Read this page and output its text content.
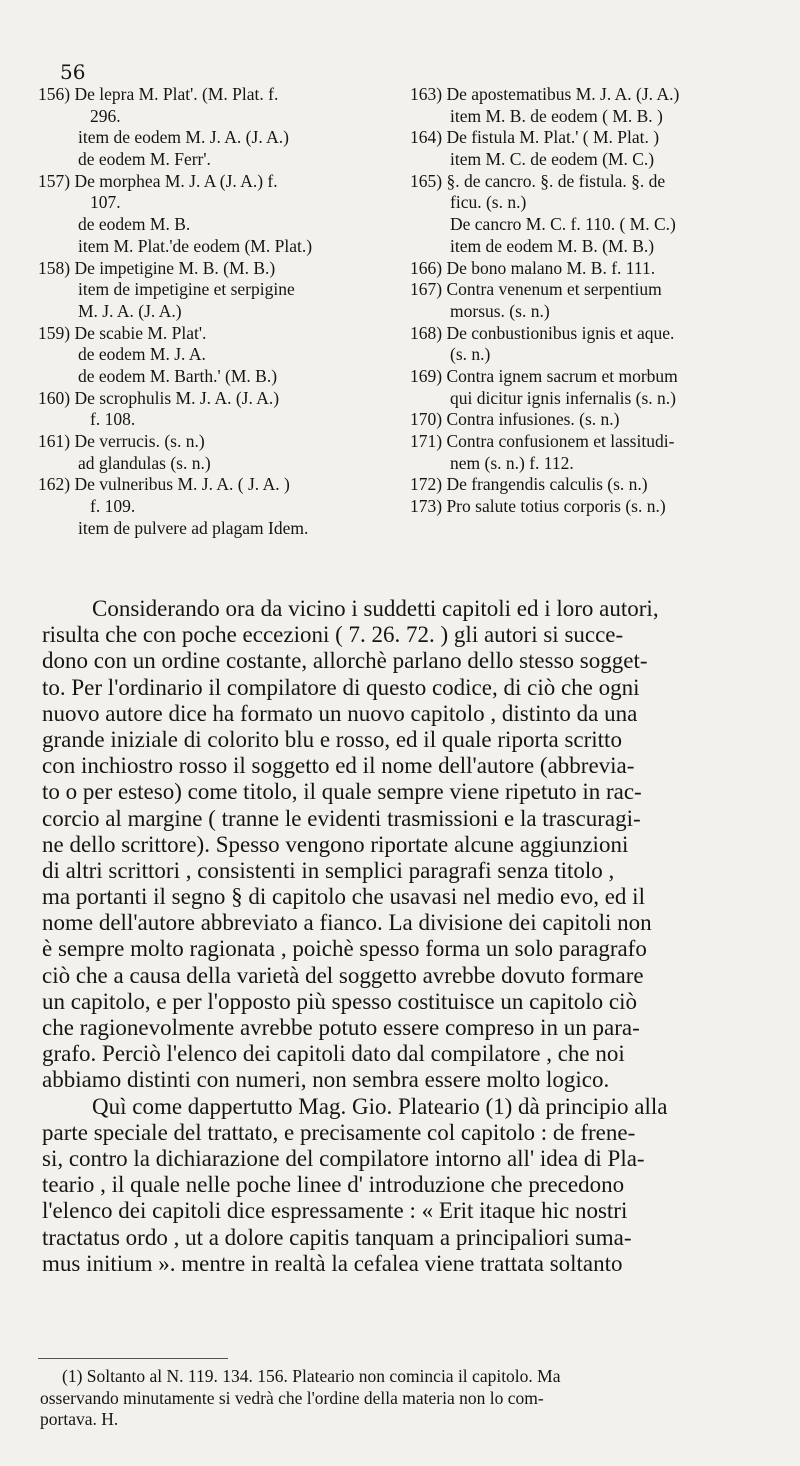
56
156) De lepra M. Plat'. (M. Plat. f.
296.
item de eodem M. J. A. (J. A.)
de eodem M. Ferr'.
157) De morphea M. J. A (J. A.) f.
107.
de eodem M. B.
item M. Plat.'de eodem (M. Plat.)
158) De impetigine M. B. (M. B.)
item de impetigine et serpigine
M. J. A. (J. A.)
159) De scabie M. Plat'.
de eodem M. J. A.
de eodem M. Barth.' (M. B.)
160) De scrophulis M. J. A. (J. A.)
f. 108.
161) De verrucis. (s. n.)
ad glandulas (s. n.)
162) De vulneribus M. J. A. ( J. A. )
f. 109.
item de pulvere ad plagam Idem.
163) De apostematibus M. J. A. (J. A.)
item M. B. de eodem ( M. B. )
164) De fistula M. Plat.' ( M. Plat. )
item M. C. de eodem (M. C.)
165) §. de cancro. §. de fistula. §. de
ficu. (s. n.)
De cancro M. C. f. 110. ( M. C.)
item de eodem M. B. (M. B.)
166) De bono malano M. B. f. 111.
167) Contra venenum et serpentium
morsus. (s. n.)
168) De conbustionibus ignis et aque.
(s. n.)
169) Contra ignem sacrum et morbum
qui dicitur ignis infernalis (s. n.)
170) Contra infusiones. (s. n.)
171) Contra confusionem et lassitudi-
nem (s. n.) f. 112.
172) De frangendis calculis (s. n.)
173) Pro salute totius corporis (s. n.)
Considerando ora da vicino i suddetti capitoli ed i loro autori,
risulta che con poche eccezioni ( 7. 26. 72. ) gli autori si succe-
dono con un ordine costante, allorchè parlano dello stesso sogget-
to. Per l'ordinario il compilatore di questo codice, di ciò che ogni
nuovo autore dice ha formato un nuovo capitolo , distinto da una
grande iniziale di colorito blu e rosso, ed il quale riporta scritto
con inchiostro rosso il soggetto ed il nome dell'autore (abbrevia-
to o per esteso) come titolo, il quale sempre viene ripetuto in rac-
corcio al margine ( tranne le evidenti trasmissioni e la trascuragi-
ne dello scrittore). Spesso vengono riportate alcune aggiunzioni
di altri scrittori , consistenti in semplici paragrafi senza titolo ,
ma portanti il segno § di capitolo che usavasi nel medio evo, ed il
nome dell'autore abbreviato a fianco. La divisione dei capitoli non
è sempre molto ragionata , poichè spesso forma un solo paragrafo
ciò che a causa della varietà del soggetto avrebbe dovuto formare
un capitolo, e per l'opposto più spesso costituisce un capitolo ciò
che ragionevolmente avrebbe potuto essere compreso in un para-
grafo. Perciò l'elenco dei capitoli dato dal compilatore , che noi
abbiamo distinti con numeri, non sembra essere molto logico.
Quì come dappertutto Mag. Gio. Plateario (1) dà principio alla
parte speciale del trattato, e precisamente col capitolo : de frene-
si, contro la dichiarazione del compilatore intorno all' idea di Pla-
teario , il quale nelle poche linee d' introduzione che precedono
l'elenco dei capitoli dice espressamente : « Erit itaque hic nostri
tractatus ordo , ut a dolore capitis tanquam a principaliori suma-
mus initium ». mentre in realtà la cefalea viene trattata soltanto
(1) Soltanto al N. 119. 134. 156. Plateario non comincia il capitolo. Ma
osservando minutamente si vedrà che l'ordine della materia non lo com-
portava. H.
